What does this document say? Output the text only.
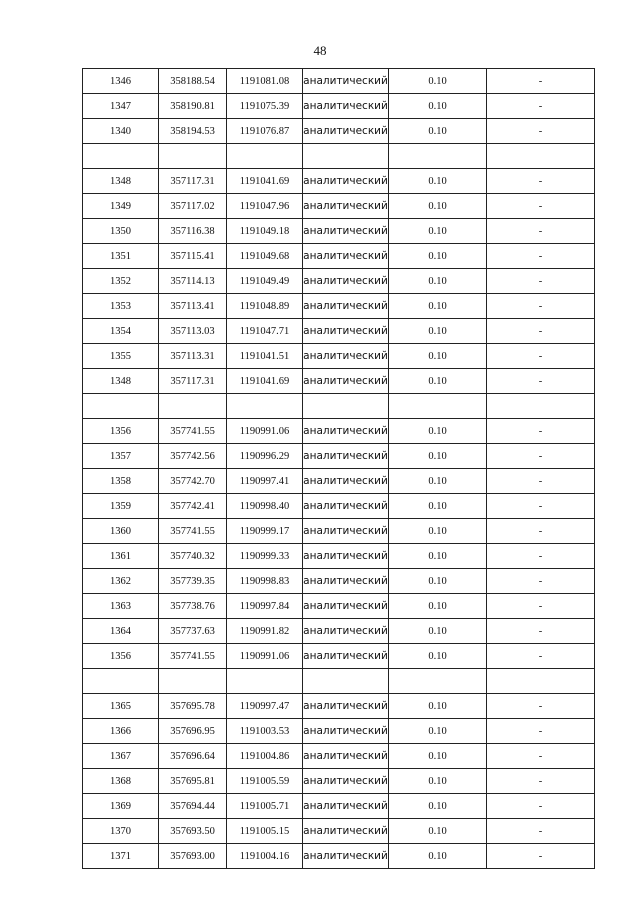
48
1346	358188.54	1191081.08	аналитический	0.10	-
1347	358190.81	1191075.39	аналитический	0.10	-
1340	358194.53	1191076.87	аналитический	0.10	-

1348	357117.31	1191041.69	аналитический	0.10	-
1349	357117.02	1191047.96	аналитический	0.10	-
1350	357116.38	1191049.18	аналитический	0.10	-
1351	357115.41	1191049.68	аналитический	0.10	-
1352	357114.13	1191049.49	аналитический	0.10	-
1353	357113.41	1191048.89	аналитический	0.10	-
1354	357113.03	1191047.71	аналитический	0.10	-
1355	357113.31	1191041.51	аналитический	0.10	-
1348	357117.31	1191041.69	аналитический	0.10	-

1356	357741.55	1190991.06	аналитический	0.10	-
1357	357742.56	1190996.29	аналитический	0.10	-
1358	357742.70	1190997.41	аналитический	0.10	-
1359	357742.41	1190998.40	аналитический	0.10	-
1360	357741.55	1190999.17	аналитический	0.10	-
1361	357740.32	1190999.33	аналитический	0.10	-
1362	357739.35	1190998.83	аналитический	0.10	-
1363	357738.76	1190997.84	аналитический	0.10	-
1364	357737.63	1190991.82	аналитический	0.10	-
1356	357741.55	1190991.06	аналитический	0.10	-

1365	357695.78	1190997.47	аналитический	0.10	-
1366	357696.95	1191003.53	аналитический	0.10	-
1367	357696.64	1191004.86	аналитический	0.10	-
1368	357695.81	1191005.59	аналитический	0.10	-
1369	357694.44	1191005.71	аналитический	0.10	-
1370	357693.50	1191005.15	аналитический	0.10	-
1371	357693.00	1191004.16	аналитический	0.10	-
